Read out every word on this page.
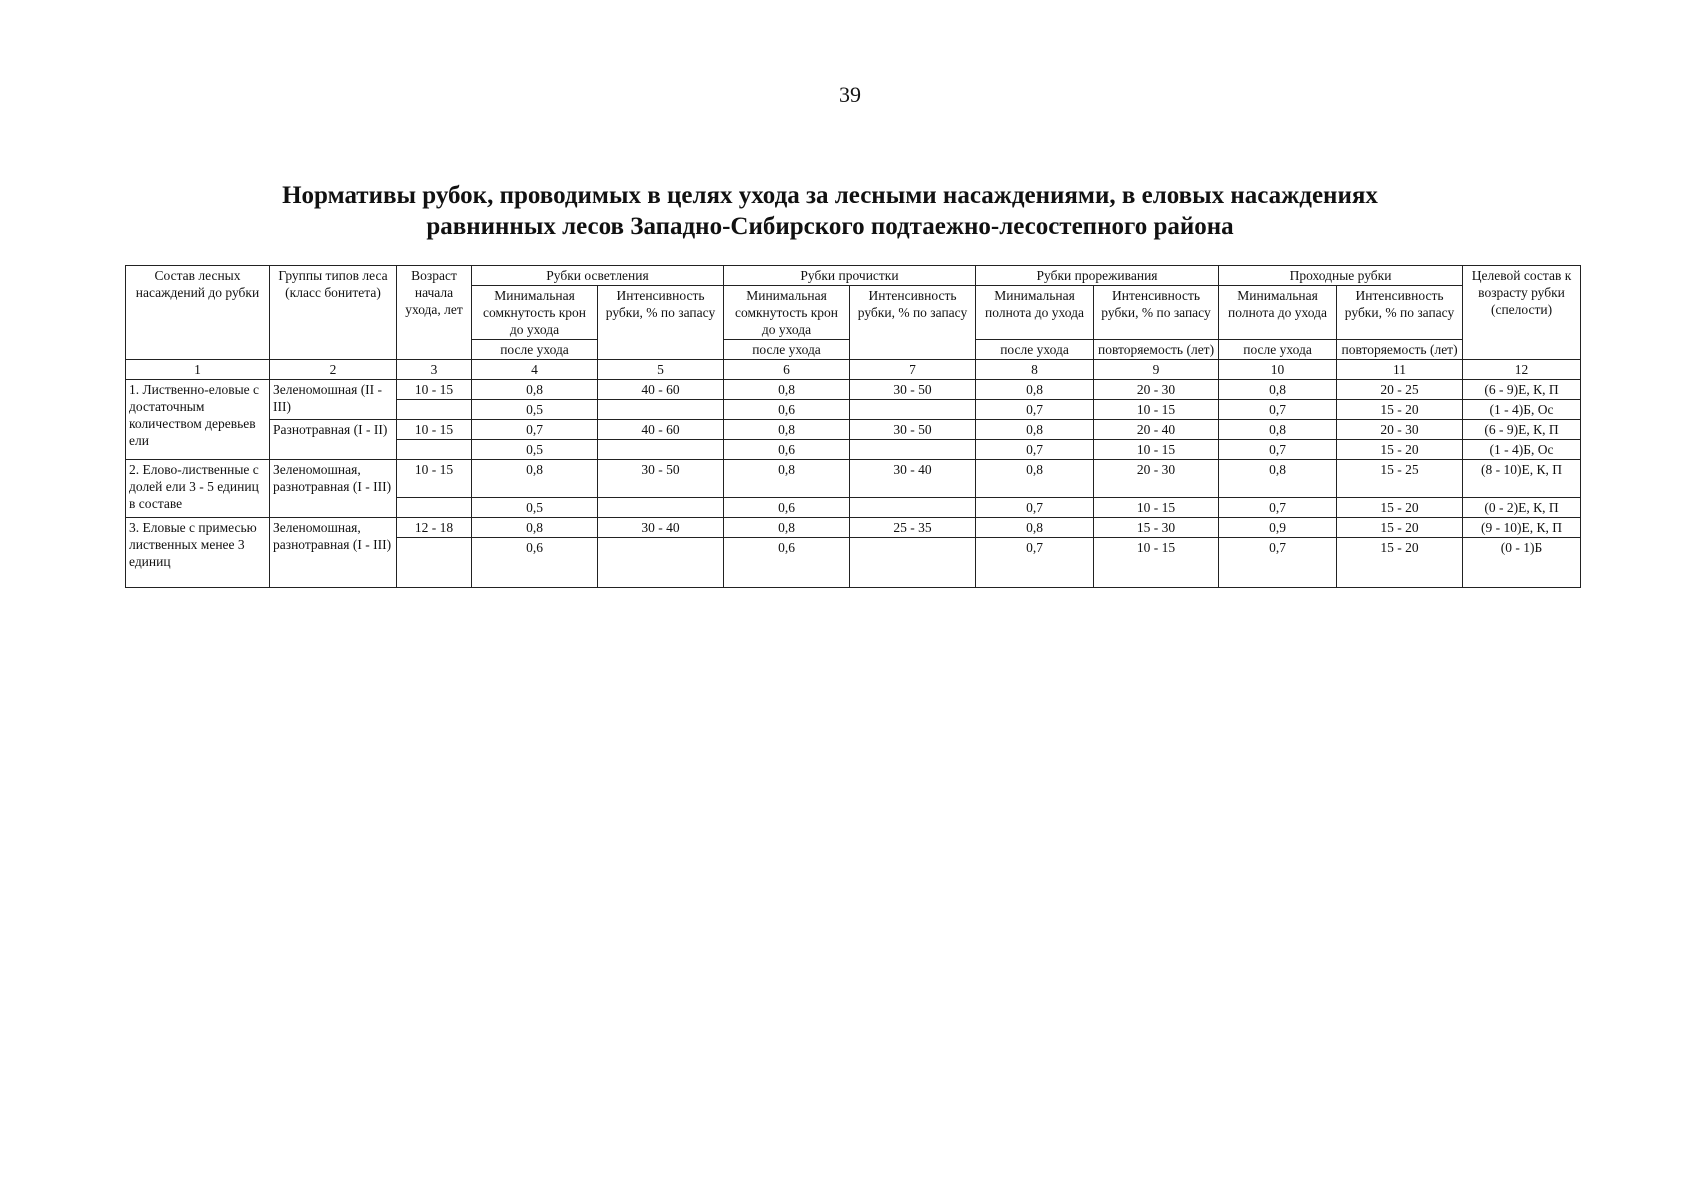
39
Нормативы рубок, проводимых в целях ухода за лесными насаждениями, в еловых насаждениях
равнинных лесов Западно-Сибирского подтаежно-лесостепного района
Состав лесных насаждений до рубки	Группы типов леса (класс бонитета)	Возраст начала ухода, лет	Рубки осветления		Рубки прочистки		Рубки прореживания		Проходные рубки		Целевой состав к возрасту рубки (спелости)
			Минимальная сомкнутость крон до ухода	Интенсивность рубки, % по запасу	Минимальная сомкнутость крон до ухода	Интенсивность рубки, % по запасу	Минимальная полнота до ухода	Интенсивность рубки, % по запасу	Минимальная полнота до ухода	Интенсивность рубки, % по запасу	
			после ухода		после ухода		после ухода	повторяемость (лет)	после ухода	повторяемость (лет)	
1	2	3	4	5	6	7	8	9	10	11	12
1. Лиственно-еловые с достаточным количеством деревьев ели	Зеленомошная (II - III)	10 - 15	0,8	40 - 60	0,8	30 - 50	0,8	20 - 30	0,8	20 - 25	(6 - 9)Е, К, П
			0,5		0,6		0,7	10 - 15	0,7	15 - 20	(1 - 4)Б, Ос
	Разнотравная (I - II)	10 - 15	0,7	40 - 60	0,8	30 - 50	0,8	20 - 40	0,8	20 - 30	(6 - 9)Е, К, П
			0,5		0,6		0,7	10 - 15	0,7	15 - 20	(1 - 4)Б, Ос
2. Елово-лиственные с долей ели 3 - 5 единиц в составе	Зеленомошная, разнотравная (I - III)	10 - 15	0,8	30 - 50	0,8	30 - 40	0,8	20 - 30	0,8	15 - 25	(8 - 10)Е, К, П
			0,5		0,6		0,7	10 - 15	0,7	15 - 20	(0 - 2)Е, К, П
3. Еловые с примесью лиственных менее 3 единиц	Зеленомошная, разнотравная (I - III)	12 - 18	0,8	30 - 40	0,8	25 - 35	0,8	15 - 30	0,9	15 - 20	(9 - 10)Е, К, П
			0,6		0,6		0,7	10 - 15	0,7	15 - 20	(0 - 1)Б
